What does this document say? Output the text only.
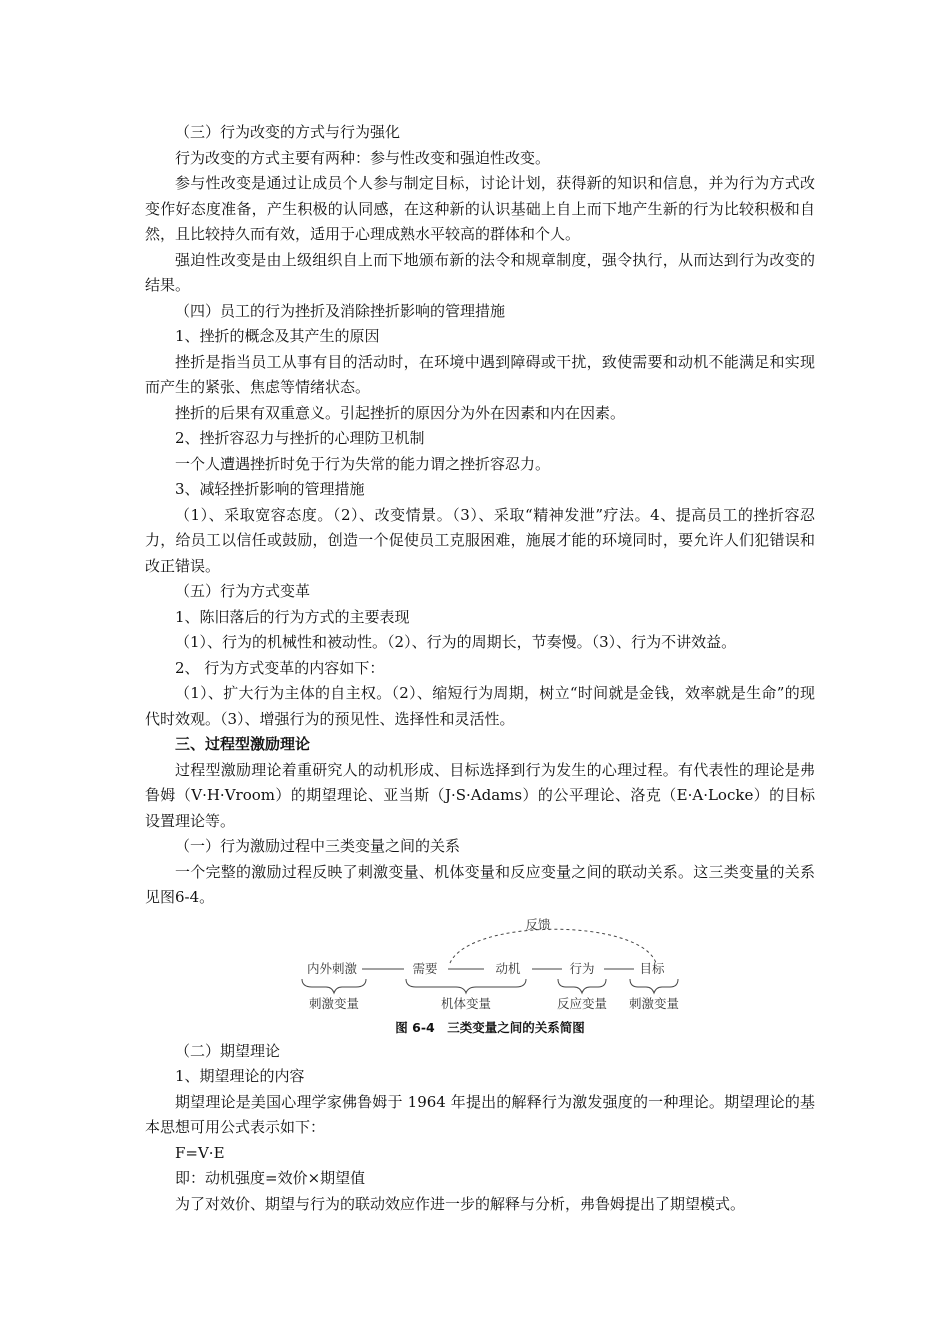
（三）行为改变的方式与行为强化

行为改变的方式主要有两种：参与性改变和强迫性改变。

参与性改变是通过让成员个人参与制定目标，讨论计划，获得新的知识和信息，并为行为方式改变作好态度准备，产生积极的认同感，在这种新的认识基础上自上而下地产生新的行为比较积极和自然，且比较持久而有效，适用于心理成熟水平较高的群体和个人。

强迫性改变是由上级组织自上而下地颁布新的法令和规章制度，强令执行，从而达到行为改变的结果。

（四）员工的行为挫折及消除挫折影响的管理措施

1、挫折的概念及其产生的原因

挫折是指当员工从事有目的活动时，在环境中遇到障碍或干扰，致使需要和动机不能满足和实现而产生的紧张、焦虑等情绪状态。

挫折的后果有双重意义。引起挫折的原因分为外在因素和内在因素。

2、挫折容忍力与挫折的心理防卫机制

一个人遭遇挫折时免于行为失常的能力谓之挫折容忍力。

3、减轻挫折影响的管理措施

（1）、采取宽容态度。（2）、改变情景。（3）、采取“精神发泄”疗法。4、提高员工的挫折容忍力，给员工以信任或鼓励，创造一个促使员工克服困难，施展才能的环境同时，要允许人们犯错误和改正错误。

（五）行为方式变革

1、陈旧落后的行为方式的主要表现

（1）、行为的机械性和被动性。（2）、行为的周期长，节奏慢。（3）、行为不讲效益。

2、 行为方式变革的内容如下：

（1）、扩大行为主体的自主权。（2）、缩短行为周期，树立“时间就是金钱，效率就是生命”的现代时效观。（3）、增强行为的预见性、选择性和灵活性。

三、过程型激励理论

过程型激励理论着重研究人的动机形成、目标选择到行为发生的心理过程。有代表性的理论是弗鲁姆（V·H·Vroom）的期望理论、亚当斯（J·S·Adams）的公平理论、洛克（E·A·Locke）的目标设置理论等。

（一）行为激励过程中三类变量之间的关系

一个完整的激励过程反映了刺激变量、机体变量和反应变量之间的联动关系。这三类变量的关系见图6-4。

反馈
内外刺激	需要	动机	行为	目标
刺激变量	机体变量	反应变量 刺激变量
图 6-4　三类变量之间的关系简图

（二）期望理论

1、期望理论的内容

期望理论是美国心理学家佛鲁姆于 1964 年提出的解释行为激发强度的一种理论。期望理论的基本思想可用公式表示如下：

F=V·E

即：动机强度=效价×期望值

为了对效价、期望与行为的联动效应作进一步的解释与分析，弗鲁姆提出了期望模式。
